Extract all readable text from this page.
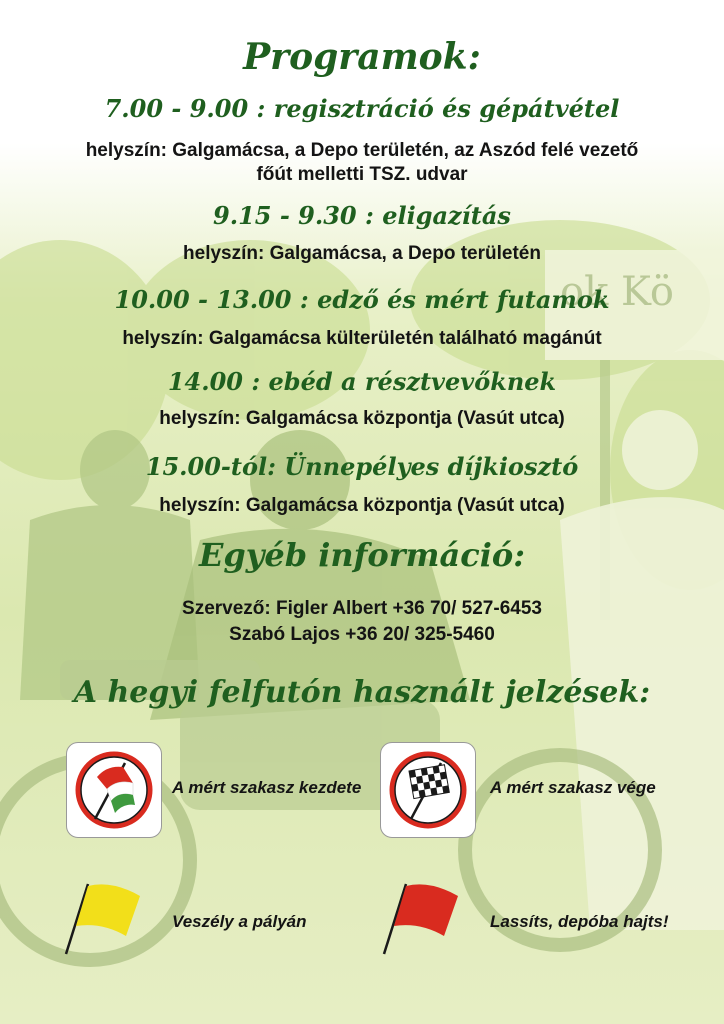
ok Kö
Programok:
7.00 - 9.00 : regisztráció és gépátvétel
helyszín: Galgamácsa, a Depo területén, az Aszód felé vezető
főút melletti TSZ. udvar
9.15 - 9.30 : eligazítás
helyszín: Galgamácsa, a Depo területén
10.00 - 13.00 : edző és mért futamok
helyszín: Galgamácsa külterületén található magánút
14.00 : ebéd a résztvevőknek
helyszín: Galgamácsa központja (Vasút utca)
15.00-tól: Ünnepélyes díjkiosztó
helyszín: Galgamácsa központja (Vasút utca)
Egyéb információ:
Szervező: Figler Albert +36 70/ 527-6453
Szabó Lajos +36 20/ 325-5460
A hegyi felfutón használt jelzések:
A mért szakasz kezdete	A mért szakasz vége
Veszély a pályán	Lassíts, depóba hajts!
